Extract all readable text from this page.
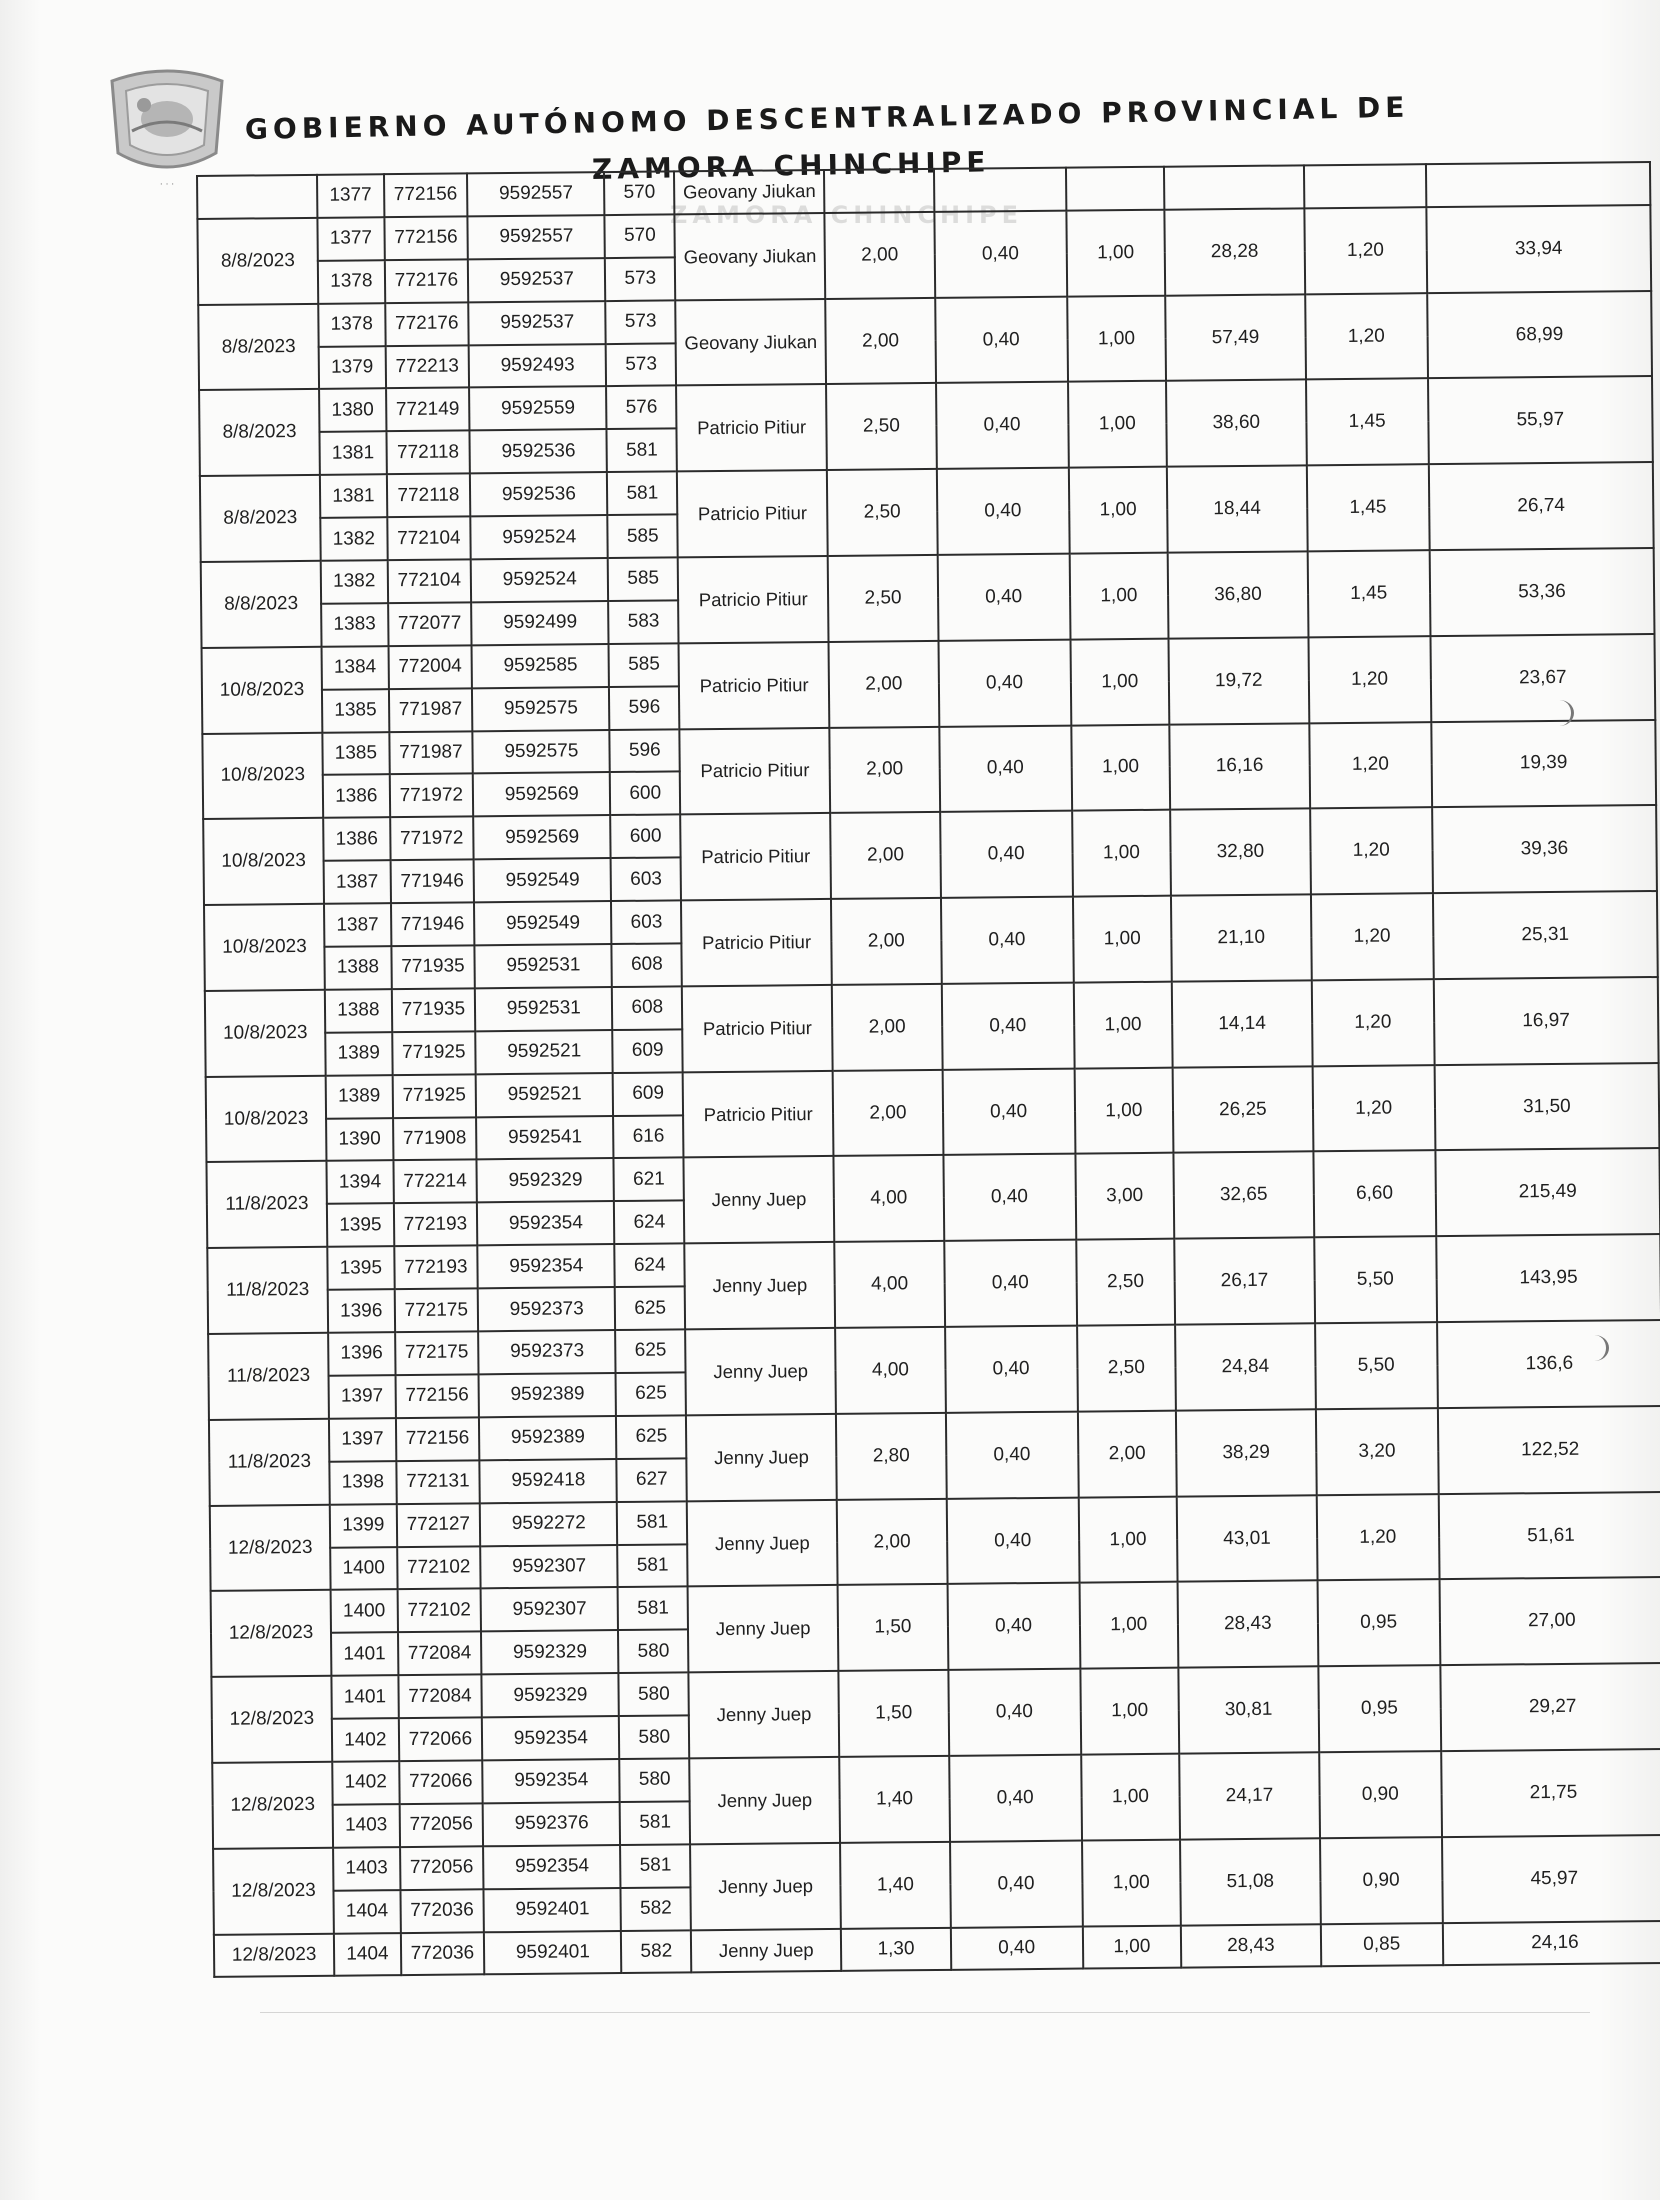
· · ·
GOBIERNO AUTÓNOMO DESCENTRALIZADO PROVINCIAL DE
ZAMORA CHINCHIPE
ZAMORA CHINCHIPE
	1377	772156	9592557	570	Geovany Jiukan						
8/8/2023	1377	772156	9592557	570	Geovany Jiukan	2,00	0,40	1,00	28,28	1,20	33,94
	1378	772176	9592537	573							
8/8/2023	1378	772176	9592537	573	Geovany Jiukan	2,00	0,40	1,00	57,49	1,20	68,99
	1379	772213	9592493	573							
8/8/2023	1380	772149	9592559	576	Patricio Pitiur	2,50	0,40	1,00	38,60	1,45	55,97
	1381	772118	9592536	581							
8/8/2023	1381	772118	9592536	581	Patricio Pitiur	2,50	0,40	1,00	18,44	1,45	26,74
	1382	772104	9592524	585							
8/8/2023	1382	772104	9592524	585	Patricio Pitiur	2,50	0,40	1,00	36,80	1,45	53,36
	1383	772077	9592499	583							
10/8/2023	1384	772004	9592585	585	Patricio Pitiur	2,00	0,40	1,00	19,72	1,20	23,67
	1385	771987	9592575	596							
10/8/2023	1385	771987	9592575	596	Patricio Pitiur	2,00	0,40	1,00	16,16	1,20	19,39
	1386	771972	9592569	600							
10/8/2023	1386	771972	9592569	600	Patricio Pitiur	2,00	0,40	1,00	32,80	1,20	39,36
	1387	771946	9592549	603							
10/8/2023	1387	771946	9592549	603	Patricio Pitiur	2,00	0,40	1,00	21,10	1,20	25,31
	1388	771935	9592531	608							
10/8/2023	1388	771935	9592531	608	Patricio Pitiur	2,00	0,40	1,00	14,14	1,20	16,97
	1389	771925	9592521	609							
10/8/2023	1389	771925	9592521	609	Patricio Pitiur	2,00	0,40	1,00	26,25	1,20	31,50
	1390	771908	9592541	616							
11/8/2023	1394	772214	9592329	621	Jenny Juep	4,00	0,40	3,00	32,65	6,60	215,49
	1395	772193	9592354	624							
11/8/2023	1395	772193	9592354	624	Jenny Juep	4,00	0,40	2,50	26,17	5,50	143,95
	1396	772175	9592373	625							
11/8/2023	1396	772175	9592373	625	Jenny Juep	4,00	0,40	2,50	24,84	5,50	136,6
	1397	772156	9592389	625							
11/8/2023	1397	772156	9592389	625	Jenny Juep	2,80	0,40	2,00	38,29	3,20	122,52
	1398	772131	9592418	627							
12/8/2023	1399	772127	9592272	581	Jenny Juep	2,00	0,40	1,00	43,01	1,20	51,61
	1400	772102	9592307	581							
12/8/2023	1400	772102	9592307	581	Jenny Juep	1,50	0,40	1,00	28,43	0,95	27,00
	1401	772084	9592329	580							
12/8/2023	1401	772084	9592329	580	Jenny Juep	1,50	0,40	1,00	30,81	0,95	29,27
	1402	772066	9592354	580							
12/8/2023	1402	772066	9592354	580	Jenny Juep	1,40	0,40	1,00	24,17	0,90	21,75
	1403	772056	9592376	581							
12/8/2023	1403	772056	9592354	581	Jenny Juep	1,40	0,40	1,00	51,08	0,90	45,97
	1404	772036	9592401	582							
12/8/2023	1404	772036	9592401	582	Jenny Juep	1,30	0,40	1,00	28,43	0,85	24,16
